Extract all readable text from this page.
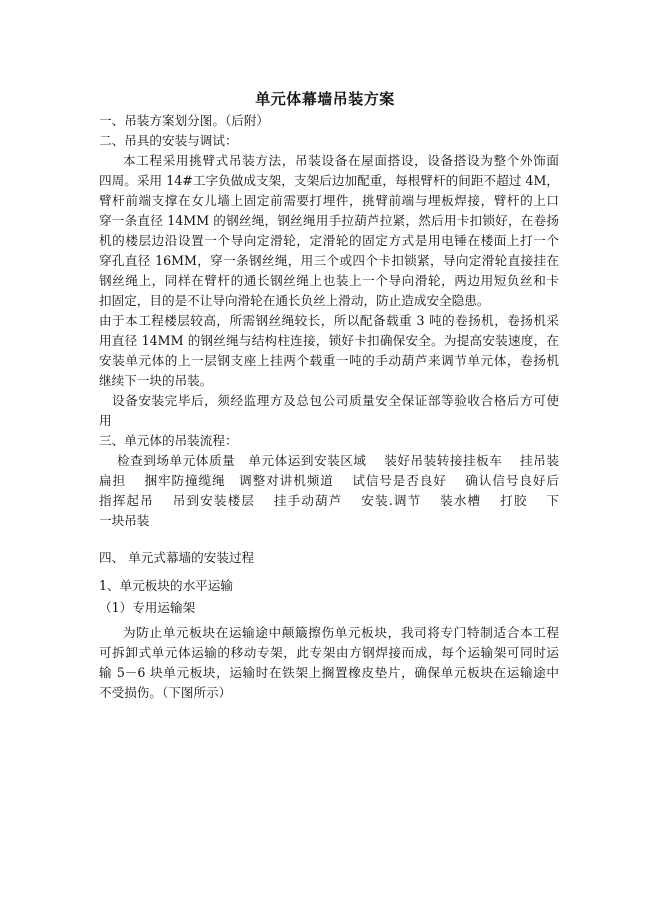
单元体幕墙吊装方案
一、吊装方案划分图。（后附）
二、吊具的安装与调试：
本工程采用挑臂式吊装方法，吊装设备在屋面搭设，设备搭设为整个外饰面
四周。采用 14#工字负做成支架，支架后边加配重，每根臂杆的间距不超过 4M，
臂杆前端支撑在女儿墙上固定前需要打埋件，挑臂前端与埋板焊接，臂杆的上口
穿一条直径 14MM 的钢丝绳，钢丝绳用手拉葫芦拉紧，然后用卡扣锁好，在卷扬
机的楼层边沿设置一个导向定滑轮，定滑轮的固定方式是用电锤在楼面上打一个
穿孔直径 16MM，穿一条钢丝绳，用三个或四个卡扣锁紧，导向定滑轮直接挂在
钢丝绳上，同样在臂杆的通长钢丝绳上也装上一个导向滑轮，两边用短负丝和卡
扣固定，目的是不让导向滑轮在通长负丝上滑动，防止造成安全隐患。
由于本工程楼层较高，所需钢丝绳较长，所以配备载重 3 吨的卷扬机，卷扬机采
用直径 14MM 的钢丝绳与结构柱连接，锁好卡扣确保安全。为提高安装速度，在
安装单元体的上一层钢支座上挂两个载重一吨的手动葫芦来调节单元体，卷扬机
继续下一块的吊装。
设备安装完毕后，须经监理方及总包公司质量安全保证部等验收合格后方可使
用
三、单元体的吊装流程：
检查到场单元体质量　单元体运到安装区域　 装好吊装转接挂板车　 挂吊装
扁担　 捆牢防撞缆绳　调整对讲机频道　 试信号是否良好　 确认信号良好后
指挥起吊　 吊到安装楼层　 挂手动葫芦　 安装.调节　 装水槽　 打胶　 下
一块吊装
四、 单元式幕墙的安装过程
1、单元板块的水平运输
（1）专用运输架
为防止单元板块在运输途中颠簸擦伤单元板块，我司将专门特制适合本工程
可拆卸式单元体运输的移动专架，此专架由方钢焊接而成，每个运输架可同时运
输 5－6 块单元板块，运输时在铁架上搁置橡皮垫片，确保单元板块在运输途中
不受损伤。（下图所示）
